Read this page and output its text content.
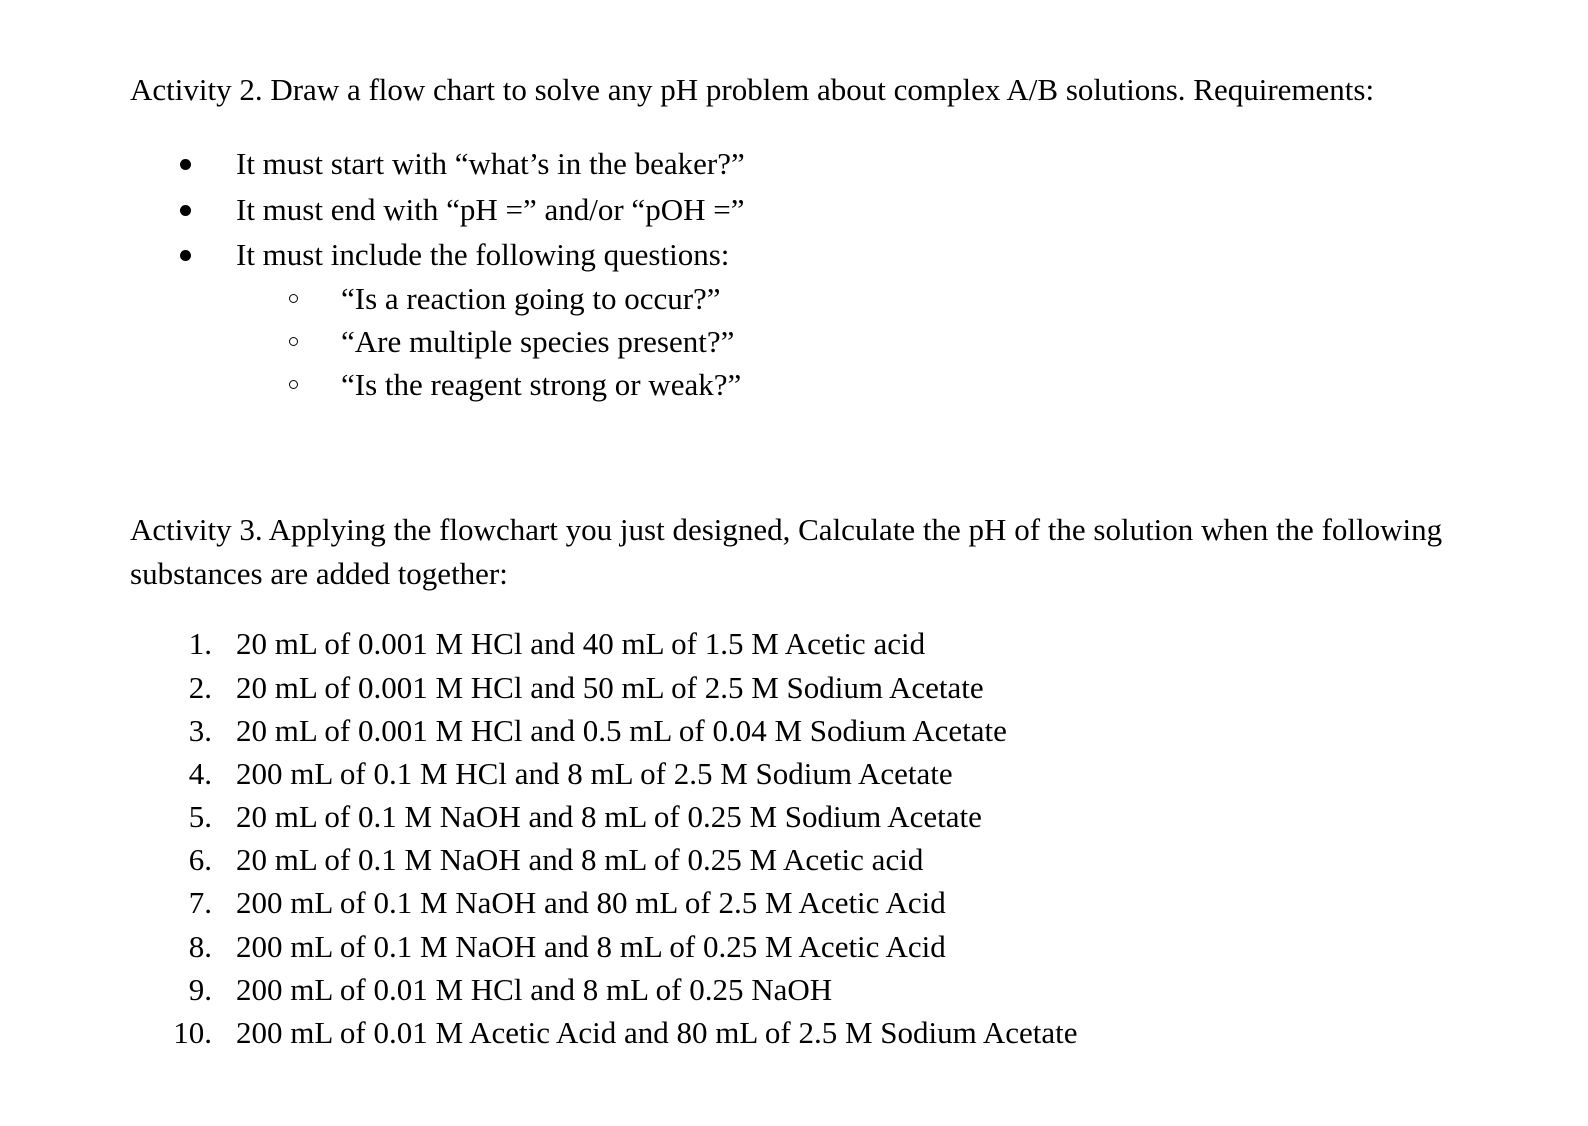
Activity 2. Draw a flow chart to solve any pH problem about complex A/B solutions. Requirements:

It must start with “what’s in the beaker?”
It must end with “pH =” and/or “pOH =”
It must include the following questions:
“Is a reaction going to occur?”
“Are multiple species present?”
“Is the reagent strong or weak?”

Activity 3. Applying the flowchart you just designed, Calculate the pH of the solution when the following
substances are added together:

1. 20 mL of 0.001 M HCl and 40 mL of 1.5 M Acetic acid
2. 20 mL of 0.001 M HCl and 50 mL of 2.5 M Sodium Acetate
3. 20 mL of 0.001 M HCl and 0.5 mL of 0.04 M Sodium Acetate
4. 200 mL of 0.1 M HCl and 8 mL of 2.5 M Sodium Acetate
5. 20 mL of 0.1 M NaOH and 8 mL of 0.25 M Sodium Acetate
6. 20 mL of 0.1 M NaOH and 8 mL of 0.25 M Acetic acid
7. 200 mL of 0.1 M NaOH and 80 mL of 2.5 M Acetic Acid
8. 200 mL of 0.1 M NaOH and 8 mL of 0.25 M Acetic Acid
9. 200 mL of 0.01 M HCl and 8 mL of 0.25 NaOH
10. 200 mL of 0.01 M Acetic Acid and 80 mL of 2.5 M Sodium Acetate
